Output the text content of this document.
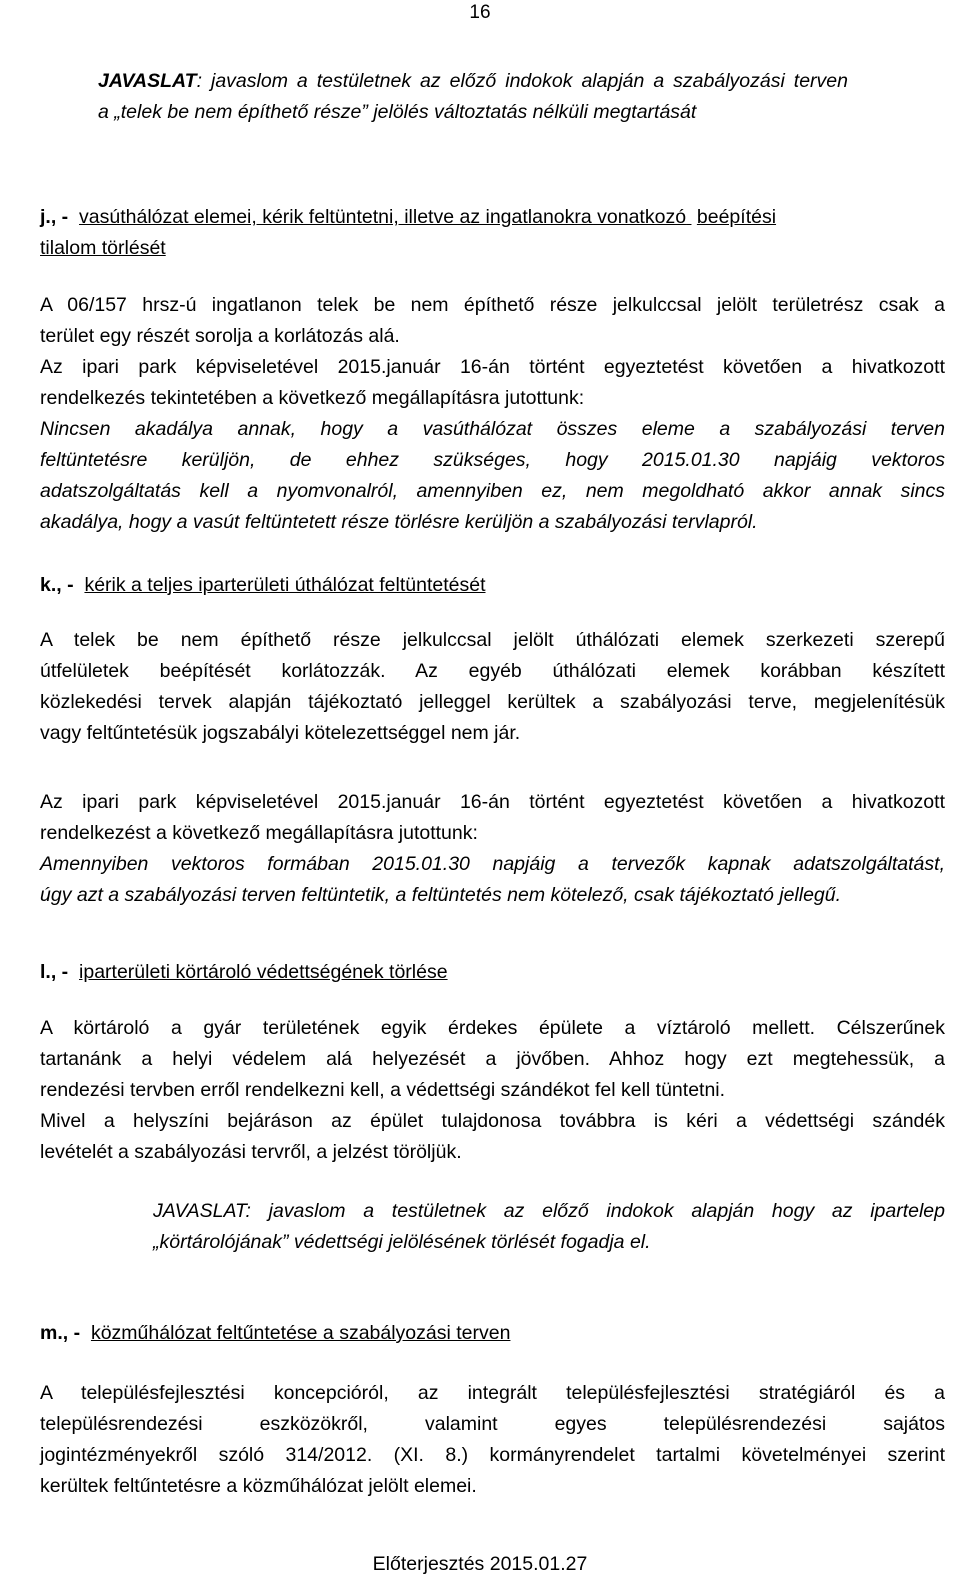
16
JAVASLAT: javaslom a testületnek az előző indokok alapján a szabályozási terven
a „telek be nem építhető része” jelölés változtatás nélküli megtartását
j., - vasúthálózat elemei, kérik feltüntetni, illetve az ingatlanokra vonatkozó beépítési
tilalom törlését
A 06/157 hrsz-ú ingatlanon telek be nem építhető része jelkulccsal jelölt területrész csak a
terület egy részét sorolja a korlátozás alá.
Az ipari park képviseletével 2015.január 16-án történt egyeztetést követően a hivatkozott
rendelkezés tekintetében a következő megállapításra jutottunk:
Nincsen akadálya annak, hogy a vasúthálózat összes eleme a szabályozási terven
feltüntetésre kerüljön, de ehhez szükséges, hogy 2015.01.30 napjáig vektoros
adatszolgáltatás kell a nyomvonalról, amennyiben ez, nem megoldható akkor annak sincs
akadálya, hogy a vasút feltüntetett része törlésre kerüljön a szabályozási tervlapról.
k., - kérik a teljes iparterületi úthálózat feltüntetését
A telek be nem építhető része jelkulccsal jelölt úthálózati elemek szerkezeti szerepű
útfelületek beépítését korlátozzák. Az egyéb úthálózati elemek korábban készített
közlekedési tervek alapján tájékoztató jelleggel kerültek a szabályozási terve, megjelenítésük
vagy feltűntetésük jogszabályi kötelezettséggel nem jár.
Az ipari park képviseletével 2015.január 16-án történt egyeztetést követően a hivatkozott
rendelkezést a következő megállapításra jutottunk:
Amennyiben vektoros formában 2015.01.30 napjáig a tervezők kapnak adatszolgáltatást,
úgy azt a szabályozási terven feltüntetik, a feltüntetés nem kötelező, csak tájékoztató jellegű.
l., - iparterületi körtároló védettségének törlése
A körtároló a gyár területének egyik érdekes épülete a víztároló mellett. Célszerűnek
tartanánk a helyi védelem alá helyezését a jövőben. Ahhoz hogy ezt megtehessük, a
rendezési tervben erről rendelkezni kell, a védettségi szándékot fel kell tüntetni.
Mivel a helyszíni bejáráson az épület tulajdonosa továbbra is kéri a védettségi szándék
levételét a szabályozási tervről, a jelzést töröljük.
JAVASLAT: javaslom a testületnek az előző indokok alapján hogy az ipartelep
„körtárolójának” védettségi jelölésének törlését fogadja el.
m., - közműhálózat feltűntetése a szabályozási terven
A településfejlesztési koncepcióról, az integrált településfejlesztési stratégiáról és a
településrendezési eszközökről, valamint egyes településrendezési sajátos
jogintézményekről szóló 314/2012. (XI. 8.) kormányrendelet tartalmi követelményei szerint
kerültek feltűntetésre a közműhálózat jelölt elemei.
Előterjesztés 2015.01.27
